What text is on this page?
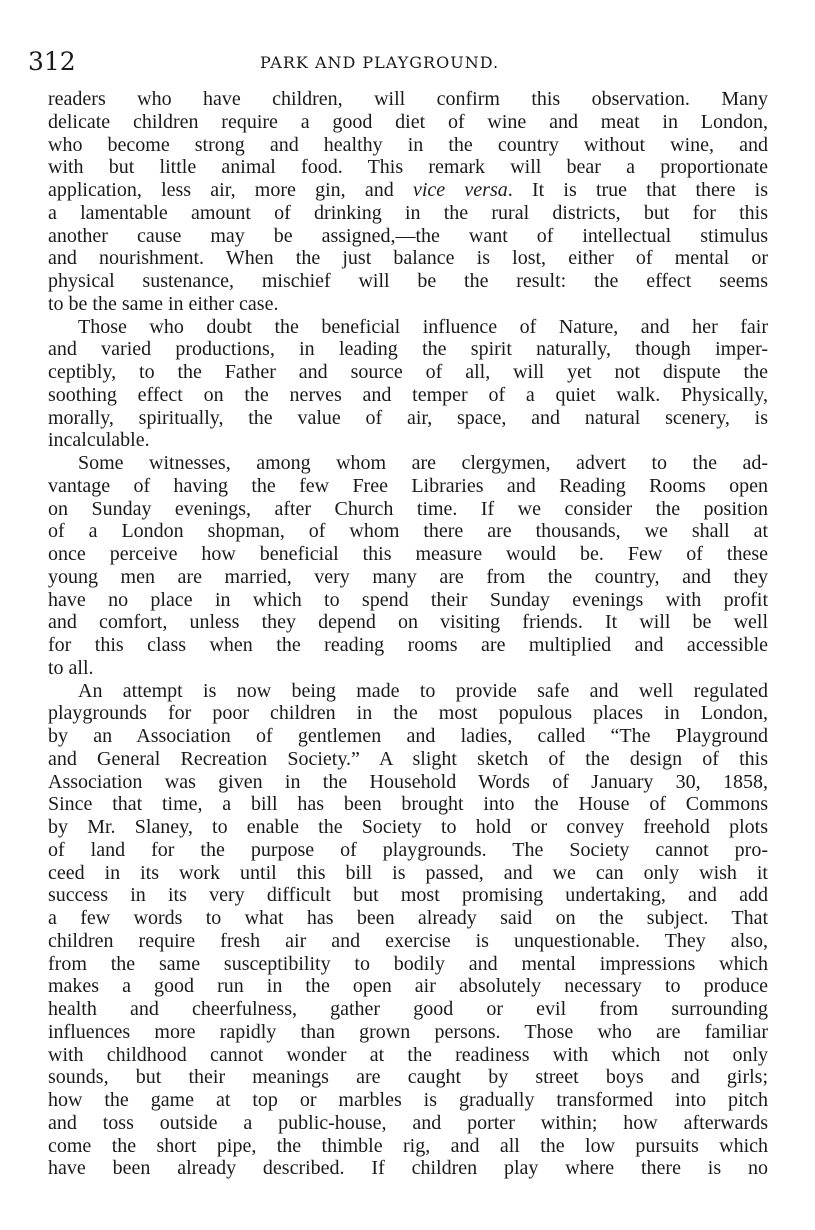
312	PARK AND PLAYGROUND.
readers who have children, will confirm this observation. Many
delicate children require a good diet of wine and meat in London,
who become strong and healthy in the country without wine, and
with but little animal food. This remark will bear a proportionate
application, less air, more gin, and vice versa. It is true that there is
a lamentable amount of drinking in the rural districts, but for this
another cause may be assigned,—the want of intellectual stimulus
and nourishment. When the just balance is lost, either of mental or
physical sustenance, mischief will be the result: the effect seems
to be the same in either case.
Those who doubt the beneficial influence of Nature, and her fair
and varied productions, in leading the spirit naturally, though imper-
ceptibly, to the Father and source of all, will yet not dispute the
soothing effect on the nerves and temper of a quiet walk. Physically,
morally, spiritually, the value of air, space, and natural scenery, is
incalculable.
Some witnesses, among whom are clergymen, advert to the ad-
vantage of having the few Free Libraries and Reading Rooms open
on Sunday evenings, after Church time. If we consider the position
of a London shopman, of whom there are thousands, we shall at
once perceive how beneficial this measure would be. Few of these
young men are married, very many are from the country, and they
have no place in which to spend their Sunday evenings with profit
and comfort, unless they depend on visiting friends. It will be well
for this class when the reading rooms are multiplied and accessible
to all.
An attempt is now being made to provide safe and well regulated
playgrounds for poor children in the most populous places in London,
by an Association of gentlemen and ladies, called “The Playground
and General Recreation Society.” A slight sketch of the design of this
Association was given in the Household Words of January 30, 1858,
Since that time, a bill has been brought into the House of Commons
by Mr. Slaney, to enable the Society to hold or convey freehold plots
of land for the purpose of playgrounds. The Society cannot pro-
ceed in its work until this bill is passed, and we can only wish it
success in its very difficult but most promising undertaking, and add
a few words to what has been already said on the subject. That
children require fresh air and exercise is unquestionable. They also,
from the same susceptibility to bodily and mental impressions which
makes a good run in the open air absolutely necessary to produce
health and cheerfulness, gather good or evil from surrounding
influences more rapidly than grown persons. Those who are familiar
with childhood cannot wonder at the readiness with which not only
sounds, but their meanings are caught by street boys and girls;
how the game at top or marbles is gradually transformed into pitch
and toss outside a public-house, and porter within; how afterwards
come the short pipe, the thimble rig, and all the low pursuits which
have been already described. If children play where there is no
